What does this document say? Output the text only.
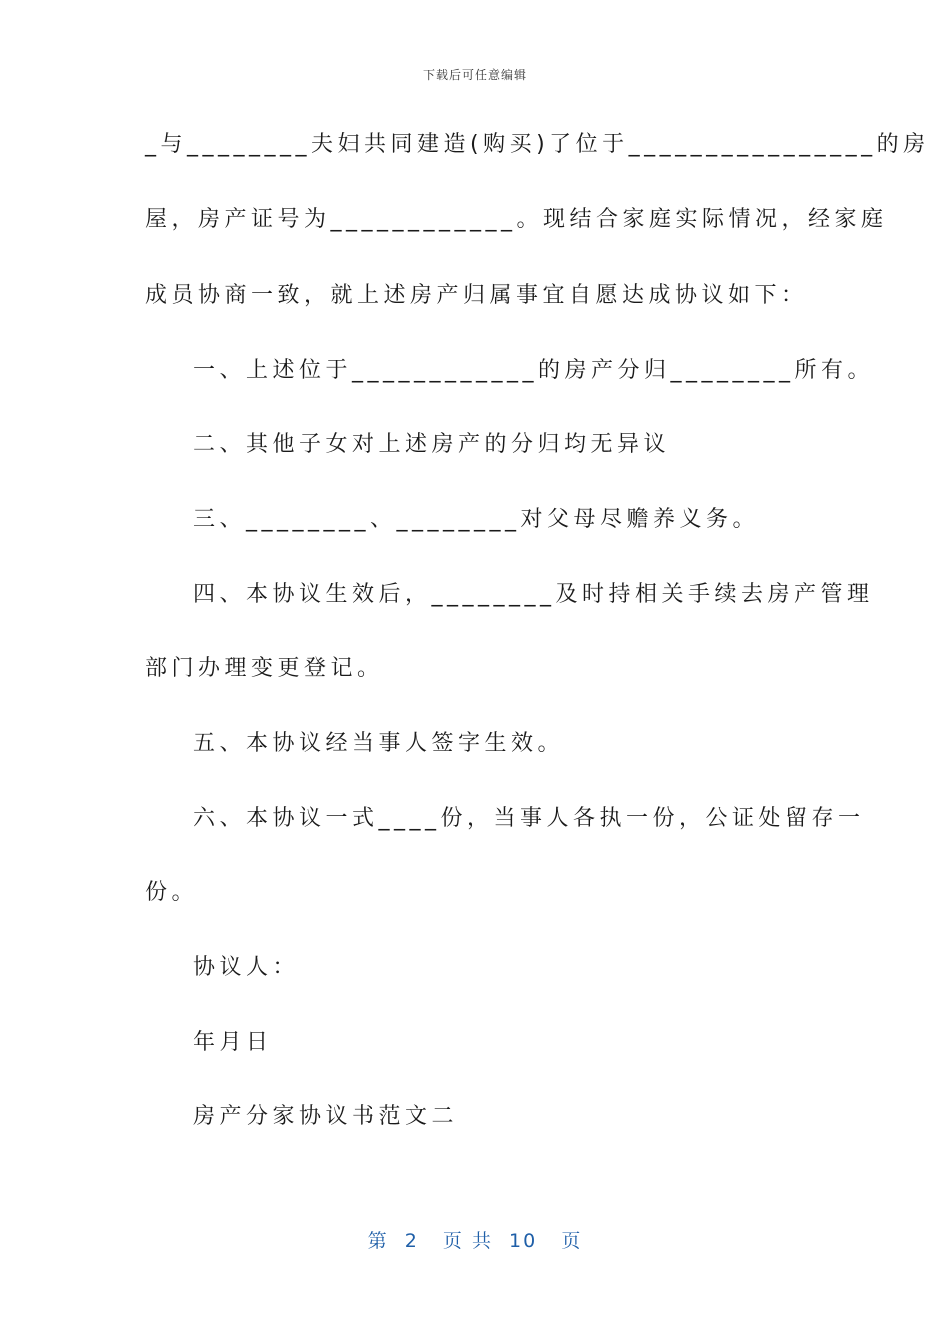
下载后可任意编辑
_与________夫妇共同建造(购买)了位于________________的房
屋，房产证号为____________。现结合家庭实际情况，经家庭
成员协商一致，就上述房产归属事宜自愿达成协议如下：
一、上述位于____________的房产分归________所有。
二、其他子女对上述房产的分归均无异议
三、________、________对父母尽赡养义务。
四、本协议生效后，________及时持相关手续去房产管理
部门办理变更登记。
五、本协议经当事人签字生效。
六、本协议一式____份，当事人各执一份，公证处留存一
份。
协议人：
年月日
房产分家协议书范文二
第  2   页 共  10   页
